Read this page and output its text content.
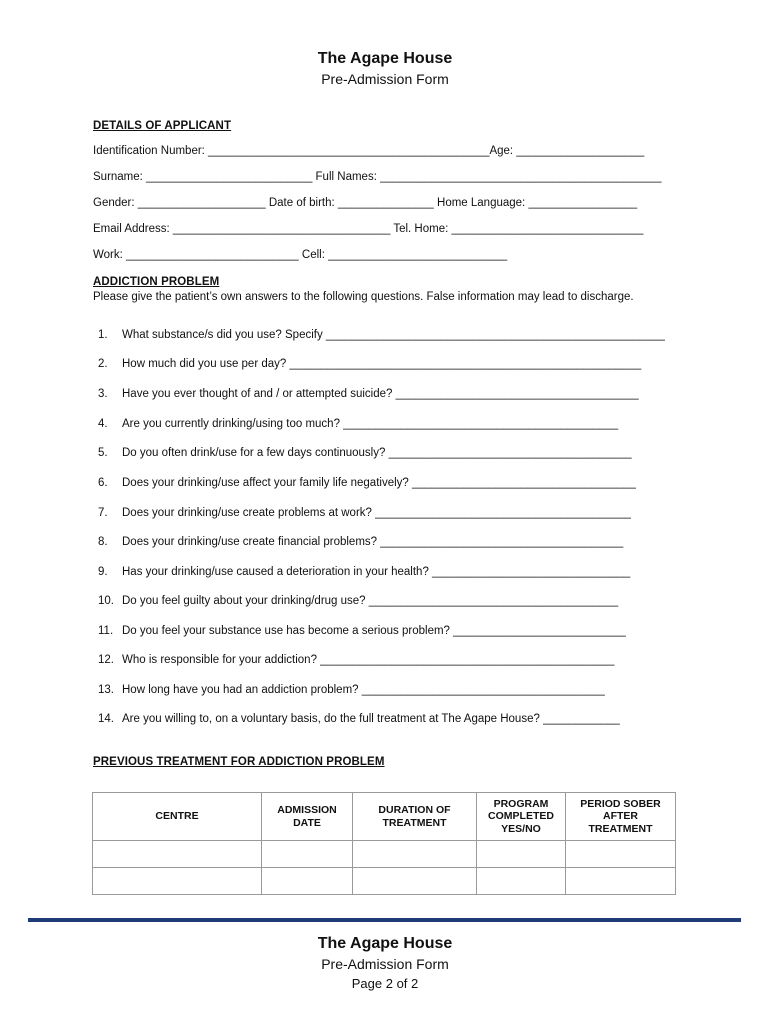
The Agape House
Pre-Admission Form
DETAILS OF APPLICANT
Identification Number: ____________________________________________Age: ____________________
Surname: __________________________ Full Names: ____________________________________________
Gender: ____________________ Date of birth: _______________ Home Language: _________________
Email Address: __________________________________ Tel. Home: ______________________________
Work: ___________________________ Cell: ____________________________
ADDICTION PROBLEM
Please give the patient’s own answers to the following questions. False information may lead to discharge.
1. What substance/s did you use? Specify _____________________________________________________
2. How much did you use per day? _______________________________________________________
3. Have you ever thought of and / or attempted suicide? ______________________________________
4. Are you currently drinking/using too much? ___________________________________________
5. Do you often drink/use for a few days continuously? ______________________________________
6. Does your drinking/use affect your family life negatively? ___________________________________
7. Does your drinking/use create problems at work? ________________________________________
8. Does your drinking/use create financial problems? ______________________________________
9. Has your drinking/use caused a deterioration in your health? _______________________________
10. Do you feel guilty about your drinking/drug use? _______________________________________
11. Do you feel your substance use has become a serious problem? ___________________________
12. Who is responsible for your addiction? ______________________________________________
13. How long have you had an addiction problem? ______________________________________
14. Are you willing to, on a voluntary basis, do the full treatment at The Agape House? ____________
PREVIOUS TREATMENT FOR ADDICTION PROBLEM
CENTRE	ADMISSION DATE	DURATION OF TREATMENT	PROGRAM COMPLETED YES/NO	PERIOD SOBER AFTER TREATMENT

The Agape House
Pre-Admission Form
Page 2 of 2
